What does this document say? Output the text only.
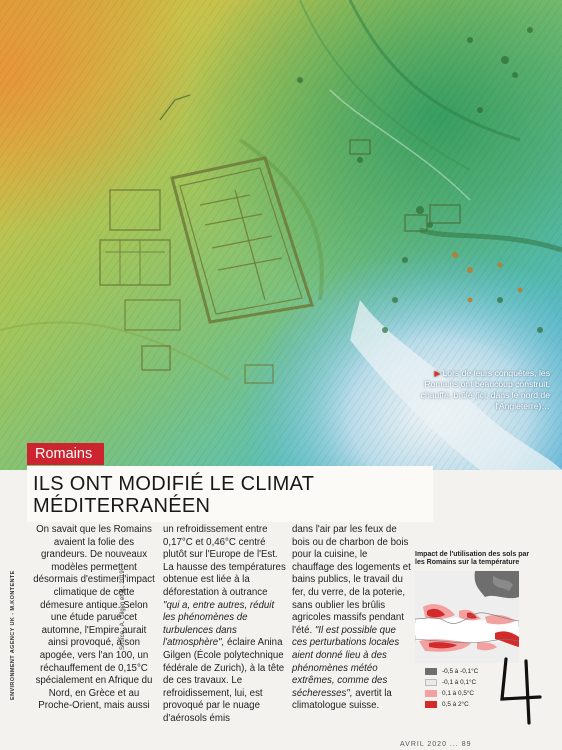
▶ Lors de leurs conquêtes, les Romains ont beaucoup construit, chauffé, brûlé (ici, dans le nord de l'Angleterre)…
Romains
ILS ONT MODIFIÉ LE CLIMAT MÉDITERRANÉEN

On savait que les Romains avaient la folie des grandeurs. De nouveaux modèles permettent désormais d'estimer l'impact climatique de cette démesure antique. Selon une étude parue cet automne, l'Empire aurait ainsi provoqué, à son apogée, vers l'an 100, un réchauffement de 0,15°C spécialement en Afrique du Nord, en Grèce et au Proche-Orient, mais aussi

un refroidissement entre 0,17°C et 0,46°C centré plutôt sur l'Europe de l'Est. La hausse des températures obtenue est liée à la déforestation à outrance "qui a, entre autres, réduit les phénomènes de turbulences dans l'atmosphère", éclaire Anina Gilgen (École polytechnique fédérale de Zurich), à la tête de ces travaux. Le refroidissement, lui, est provoqué par le nuage d'aérosols émis

dans l'air par les feux de bois ou de charbon de bois pour la cuisine, le chauffage des logements et bains publics, le travail du fer, du verre, de la poterie, sans oublier les brûlis agricoles massifs pendant l'été. "Il est possible que ces perturbations locales aient donné lieu à des phénomènes météo extrêmes, comme des sécheresses", avertit la climatologue suisse.

ENVIRONMENT AGENCY UK - M.KONTENTE
Impact de l'utilisation des sols par les Romains sur la température
Source : A. Gilgen et al., 2019
-0,5 à -0,1°C
-0,1 à 0,1°C
0,1 à 0,5°C
0,5 à 2°C
AVRIL 2020 ... 89
